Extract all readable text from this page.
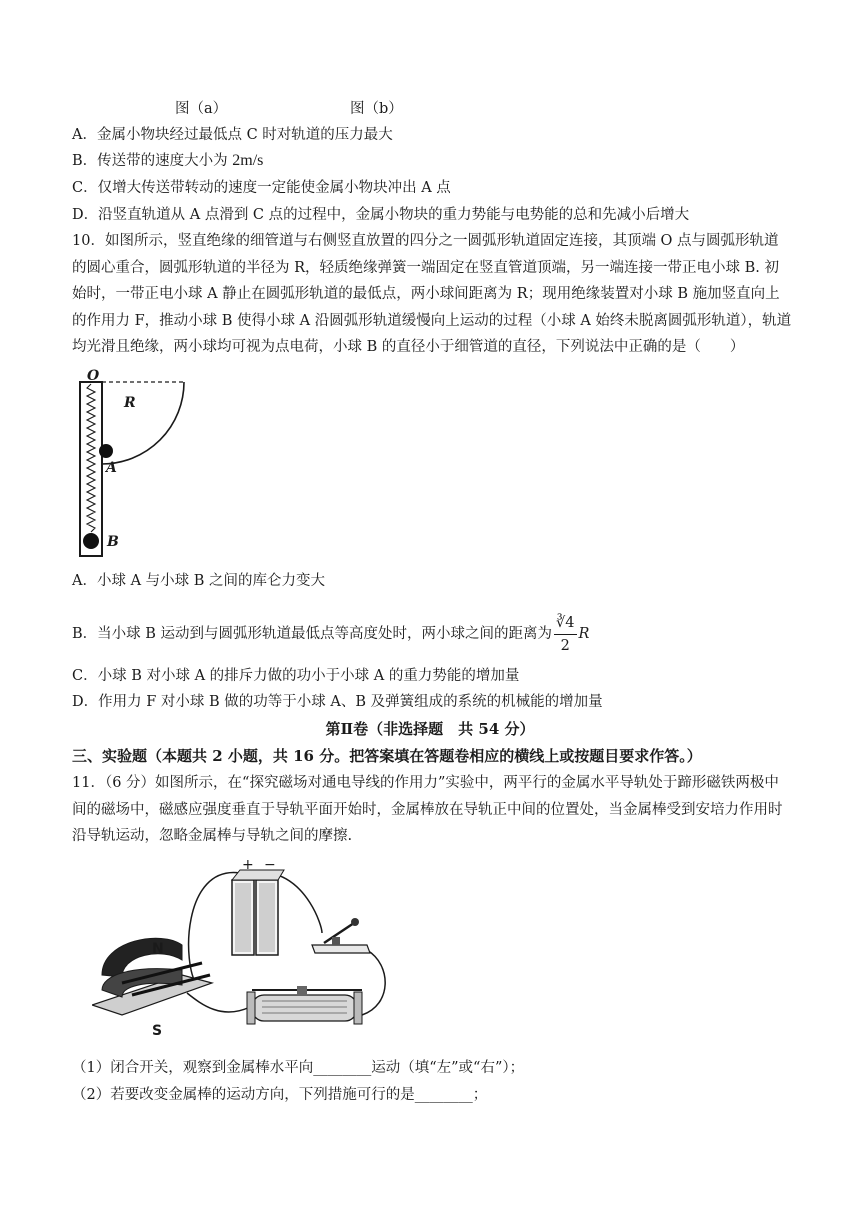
图（a）	图（b）
A．金属小物块经过最低点 C 时对轨道的压力最大
B．传送带的速度大小为 2m/s
C．仅增大传送带转动的速度一定能使金属小物块冲出 A 点
D．沿竖直轨道从 A 点滑到 C 点的过程中，金属小物块的重力势能与电势能的总和先减小后增大
10．如图所示，竖直绝缘的细管道与右侧竖直放置的四分之一圆弧形轨道固定连接，其顶端 O 点与圆弧形轨道的圆心重合，圆弧形轨道的半径为 R，轻质绝缘弹簧一端固定在竖直管道顶端，另一端连接一带正电小球 B. 初始时，一带正电小球 A 静止在圆弧形轨道的最低点，两小球间距离为 R；现用绝缘装置对小球 B 施加竖直向上的作用力 F，推动小球 B 使得小球 A 沿圆弧形轨道缓慢向上运动的过程（小球 A 始终未脱离圆弧形轨道），轨道均光滑且绝缘，两小球均可视为点电荷，小球 B 的直径小于细管道的直径，下列说法中正确的是（　　）
O
R
A
B
A．小球 A 与小球 B 之间的库仑力变大
B．当小球 B 运动到与圆弧形轨道最低点等高度处时，两小球之间的距离为 $\frac{∛4}{2}$ R
C．小球 B 对小球 A 的排斥力做的功小于小球 A 的重力势能的增加量
D．作用力 F 对小球 B 做的功等于小球 A、B 及弹簧组成的系统的机械能的增加量
第Ⅱ卷（非选择题　共 54 分）
三、实验题（本题共 2 小题，共 16 分。把答案填在答题卷相应的横线上或按题目要求作答。）
11．（6 分）如图所示，在“探究磁场对通电导线的作用力”实验中，两平行的金属水平导轨处于蹄形磁铁两极中间的磁场中，磁感应强度垂直于导轨平面开始时，金属棒放在导轨正中间的位置处，当金属棒受到安培力作用时沿导轨运动，忽略金属棒与导轨之间的摩擦.
+ −
N
S
（1）闭合开关，观察到金属棒水平向________运动（填“左”或“右”）；
（2）若要改变金属棒的运动方向，下列措施可行的是________；
